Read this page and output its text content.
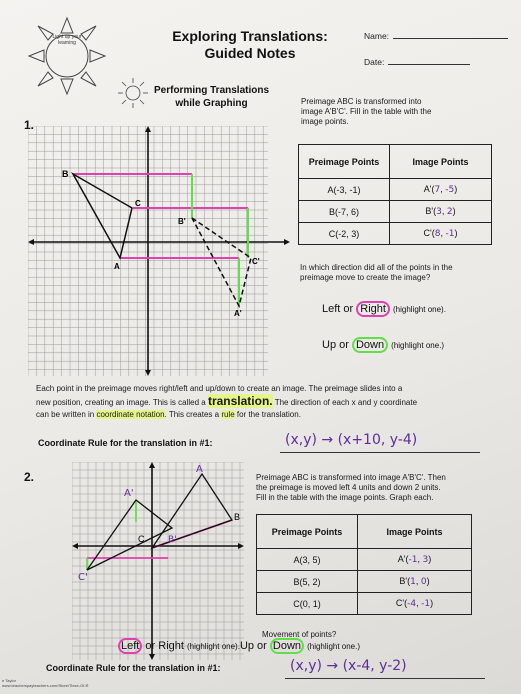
Light up your learning	Exploring Translations:
Guided Notes
Name:
Date:
Performing Translations
while Graphing
1.
B
C
A
B'
C'
A'
Preimage ABC is transformed into
image A'B'C'. Fill in the table with the
image points.
Preimage Points	Image Points
A(-3, -1)	A'(7, -5)
B(-7, 6)	B'(3, 2)
C(-2, 3)	C'(8, -1)
In which direction did all of the points in the
preimage move to create the image?
Left or Right (highlight one).
Up or Down (highlight one.)
Each point in the preimage moves right/left and up/down to create an image. The preimage slides into a
new position, creating an image. This is called a translation. The direction of each x and y coordinate
can be written in coordinate notation. This creates a rule for the translation.
Coordinate Rule for the translation in #1:	(x,y) → (x+10, y-4)
2.
A
A'
B
C	B'
C'
Preimage ABC is transformed into image A'B'C'. Then
the preimage is moved left 4 units and down 2 units.
Fill in the table with the image points. Graph each.
Preimage Points	Image Points
A(3, 5)	A'(-1, 3)
B(5, 2)	B'(1, 0)
C(0, 1)	C'(-4, -1)
Movement of points?
Left or Right (highlight one).Up or Down (highlight one.)
Coordinate Rule for the translation in #1:	(x,y) → (x-4, y-2)
e Taylor
www.teacherspayteachers.com/Store/Tieze-Of-R
